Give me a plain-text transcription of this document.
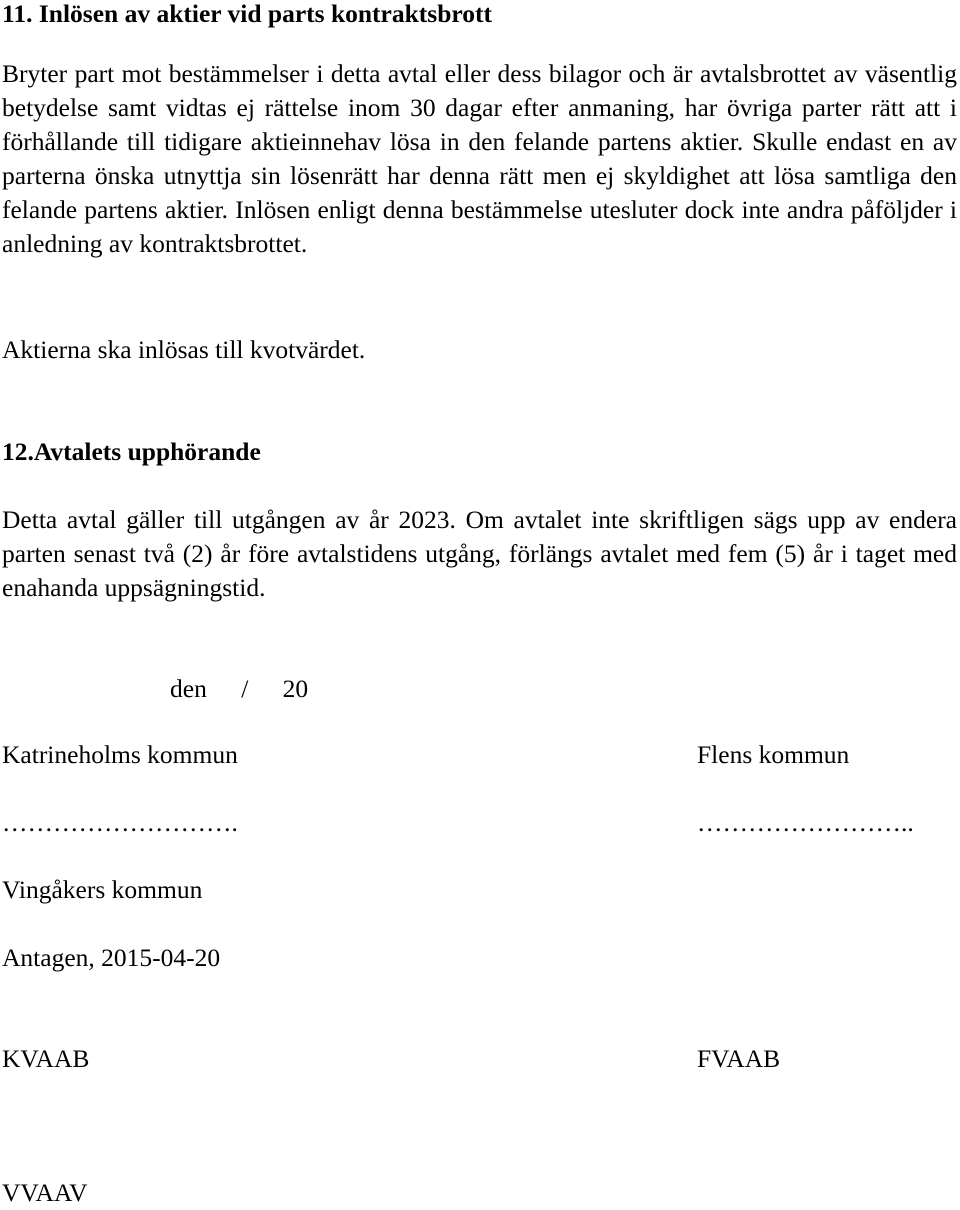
11. Inlösen av aktier vid parts kontraktsbrott

Bryter part mot bestämmelser i detta avtal eller dess bilagor och är avtalsbrottet av väsentlig betydelse samt vidtas ej rättelse inom 30 dagar efter anmaning, har övriga parter rätt att i förhållande till tidigare aktieinnehav lösa in den felande partens aktier. Skulle endast en av parterna önska utnyttja sin lösenrätt har denna rätt men ej skyldighet att lösa samtliga den felande partens aktier. Inlösen enligt denna bestämmelse utesluter dock inte andra påföljder i anledning av kontraktsbrottet.

Aktierna ska inlösas till kvotvärdet.

12.Avtalets upphörande

Detta avtal gäller till utgången av år 2023. Om avtalet inte skriftligen sägs upp av endera parten senast två (2) år före avtalstidens utgång, förlängs avtalet med fem (5) år i taget med enahanda uppsägningstid.

den / 20
Katrineholms kommun	Flens kommun
……………………….	……………………..
Vingåkers kommun
Antagen, 2015-04-20
KVAAB	FVAAB
VVAAV
